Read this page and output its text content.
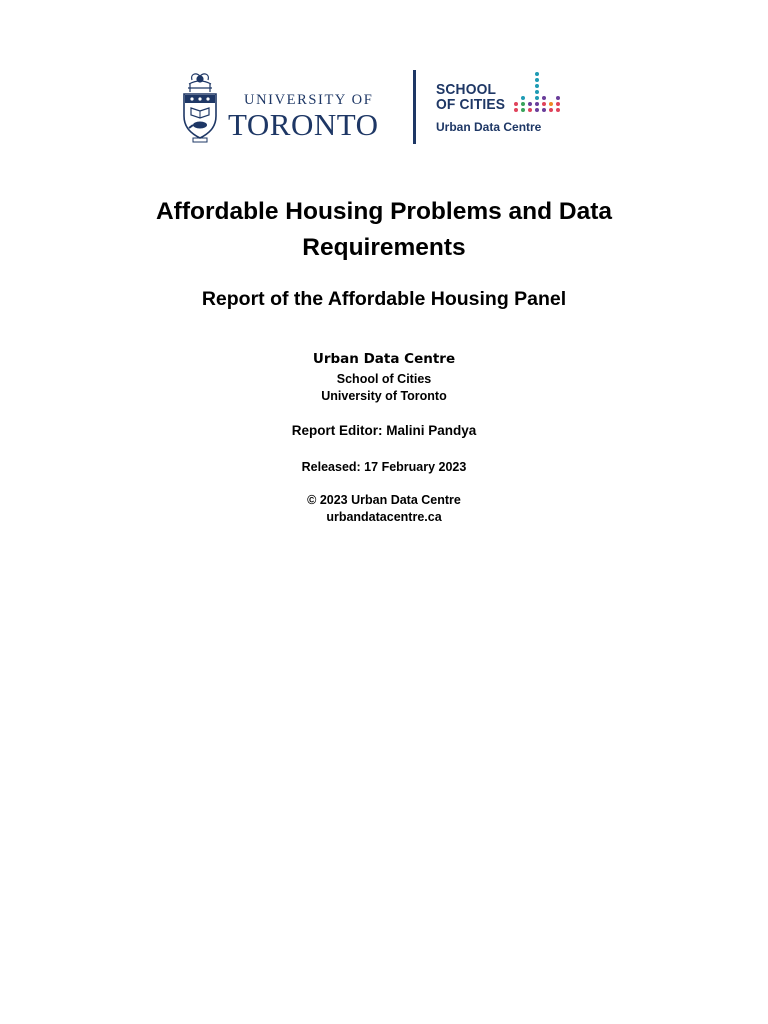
UNIVERSITY OF
TORONTO
SCHOOL
OF CITIES
Urban Data Centre
Affordable Housing Problems and Data Requirements
Report of the Affordable Housing Panel

Urban Data Centre

School of Cities

University of Toronto

Report Editor: Malini Pandya

Released: 17 February 2023

© 2023 Urban Data Centre

urbandatacentre.ca
